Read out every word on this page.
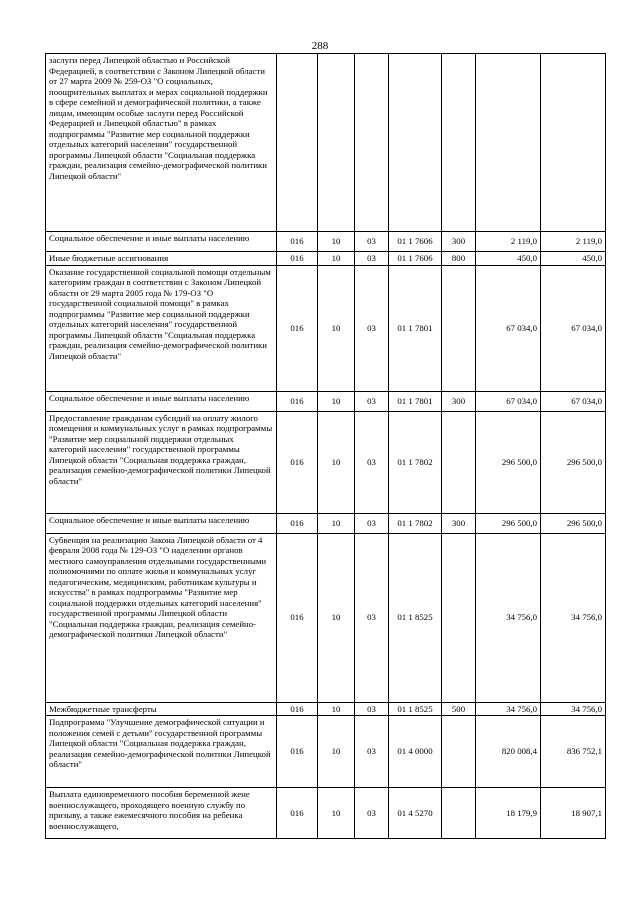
288
заслуги перед Липецкой областью и Российской Федерацией, в соответствии с Законом Липецкой области от 27 марта 2009 № 259-ОЗ "О социальных, поощрительных выплатах и мерах социальной поддержки в сфере семейной и демографической политики, а также лицам, имеющим особые заслуги перед Российской Федерацией и Липецкой областью" в рамках подпрограммы "Развитие мер социальной поддержки отдельных категорий населения" государственной программы Липецкой области "Социальная поддержка граждан, реализация семейно-демографической политики Липецкой области"							
Социальное обеспечение и иные выплаты населению	016	10	03	01 1 7606	300	2 119,0	2 119,0
Иные бюджетные ассигнования	016	10	03	01 1 7606	800	450,0	450,0
Оказание государственной социальной помощи отдельным категориям граждан в соответствии с Законом Липецкой области от 29 марта 2005 года № 179-ОЗ "О государственной социальной помощи" в рамках подпрограммы "Развитие мер социальной поддержки отдельных категорий населения" государственной программы Липецкой области "Социальная поддержка граждан, реализация семейно-демографической политики Липецкой области"	016	10	03	01 1 7801		67 034,0	67 034,0
Социальное обеспечение и иные выплаты населению	016	10	03	01 1 7801	300	67 034,0	67 034,0
Предоставление гражданам субсидий на оплату жилого помещения и коммунальных услуг в рамках подпрограммы "Развитие мер социальной поддержки отдельных категорий населения" государственной программы Липецкой области "Социальная поддержка граждан, реализация семейно-демографической политики Липецкой области"	016	10	03	01 1 7802		296 500,0	296 500,0
Социальное обеспечение и иные выплаты населению	016	10	03	01 1 7802	300	296 500,0	296 500,0
Субвенция на реализацию Закона Липецкой области от 4 февраля 2008 года № 129-ОЗ "О наделении органов местного самоуправления отдельными государственными полномочиями по оплате жилья и коммунальных услуг педагогическим, медицинским, работникам культуры и искусства" в рамках подпрограммы "Развитие мер социальной поддержки отдельных категорий населения" государственной программы Липецкой области "Социальная поддержка граждан, реализация семейно-демографической политики Липецкой области"	016	10	03	01 1 8525		34 756,0	34 756,0
Межбюджетные трансферты	016	10	03	01 1 8525	500	34 756,0	34 756,0
Подпрограмма "Улучшение демографической ситуации и положения семей с детьми" государственной программы Липецкой области "Социальная поддержка граждан, реализация семейно-демографической политики Липецкой области"	016	10	03	01 4 0000		820 008,4	836 752,1
Выплата единовременного пособия беременной жене военнослужащего, проходящего военную службу по призыву, а также ежемесячного пособия на ребенка военнослужащего,	016	10	03	01 4 5270		18 179,9	18 907,1
